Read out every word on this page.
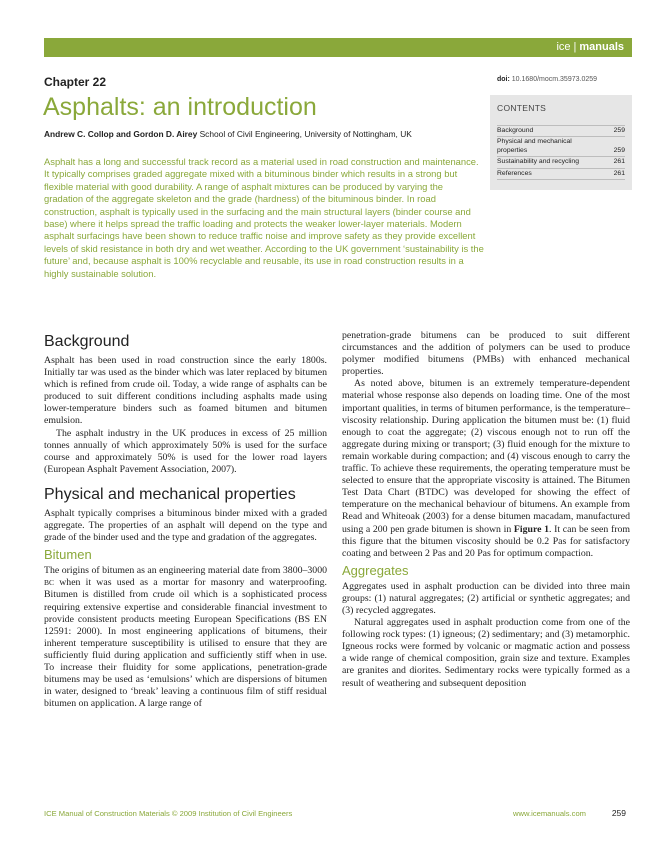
ice | manuals
Chapter 22
Asphalts: an introduction
Andrew C. Collop and Gordon D. Airey School of Civil Engineering, University of Nottingham, UK
doi: 10.1680/mocm.35973.0259
CONTENTS
Background	259
Physical and mechanical properties	259
Sustainability and recycling	261
References	261

Asphalt has a long and successful track record as a material used in road construction and maintenance. It typically comprises graded aggregate mixed with a bituminous binder which results in a strong but flexible material with good durability. A range of asphalt mixtures can be produced by varying the gradation of the aggregate skeleton and the grade (hardness) of the bituminous binder. In road construction, asphalt is typically used in the surfacing and the main structural layers (binder course and base) where it helps spread the traffic loading and protects the weaker lower-layer materials. Modern asphalt surfacings have been shown to reduce traffic noise and improve safety as they provide excellent levels of skid resistance in both dry and wet weather. According to the UK government ‘sustainability is the future’ and, because asphalt is 100% recyclable and reusable, its use in road construction results in a highly sustainable solution.

Background

Asphalt has been used in road construction since the early 1800s. Initially tar was used as the binder which was later replaced by bitumen which is refined from crude oil. Today, a wide range of asphalts can be produced to suit different conditions including asphalts made using lower-temperature binders such as foamed bitumen and bitumen emulsion.

The asphalt industry in the UK produces in excess of 25 million tonnes annually of which approximately 50% is used for the surface course and approximately 50% is used for the lower road layers (European Asphalt Pavement Association, 2007).

Physical and mechanical properties

Asphalt typically comprises a bituminous binder mixed with a graded aggregate. The properties of an asphalt will depend on the type and grade of the binder used and the type and gradation of the aggregates.

Bitumen

The origins of bitumen as an engineering material date from 3800–3000 BC when it was used as a mortar for masonry and waterproofing. Bitumen is distilled from crude oil which is a sophisticated process requiring extensive expertise and considerable financial investment to provide consistent products meeting European Specifications (BS EN 12591: 2000). In most engineering applications of bitumens, their inherent temperature susceptibility is utilised to ensure that they are sufficiently fluid during application and sufficiently stiff when in use. To increase their fluidity for some applications, penetration-grade bitumens may be used as ‘emulsions’ which are dispersions of bitumen in water, designed to ‘break’ leaving a continuous film of stiff residual bitumen on application. A large range of

penetration-grade bitumens can be produced to suit different circumstances and the addition of polymers can be used to produce polymer modified bitumens (PMBs) with enhanced mechanical properties.

As noted above, bitumen is an extremely temperature-dependent material whose response also depends on loading time. One of the most important qualities, in terms of bitumen performance, is the temperature–viscosity relationship. During application the bitumen must be: (1) fluid enough to coat the aggregate; (2) viscous enough not to run off the aggregate during mixing or transport; (3) fluid enough for the mixture to remain workable during compaction; and (4) viscous enough to carry the traffic. To achieve these requirements, the operating temperature must be selected to ensure that the appropriate viscosity is attained. The Bitumen Test Data Chart (BTDC) was developed for showing the effect of temperature on the mechanical behaviour of bitumens. An example from Read and Whiteoak (2003) for a dense bitumen macadam, manufactured using a 200 pen grade bitumen is shown in Figure 1. It can be seen from this figure that the bitumen viscosity should be 0.2 Pas for satisfactory coating and between 2 Pas and 20 Pas for optimum compaction.

Aggregates

Aggregates used in asphalt production can be divided into three main groups: (1) natural aggregates; (2) artificial or synthetic aggregates; and (3) recycled aggregates.

Natural aggregates used in asphalt production come from one of the following rock types: (1) igneous; (2) sedimentary; and (3) metamorphic. Igneous rocks were formed by volcanic or magmatic action and possess a wide range of chemical composition, grain size and texture. Examples are granites and diorites. Sedimentary rocks were typically formed as a result of weathering and subsequent deposition

ICE Manual of Construction Materials © 2009 Institution of Civil Engineers	www.icemanuals.com	259
